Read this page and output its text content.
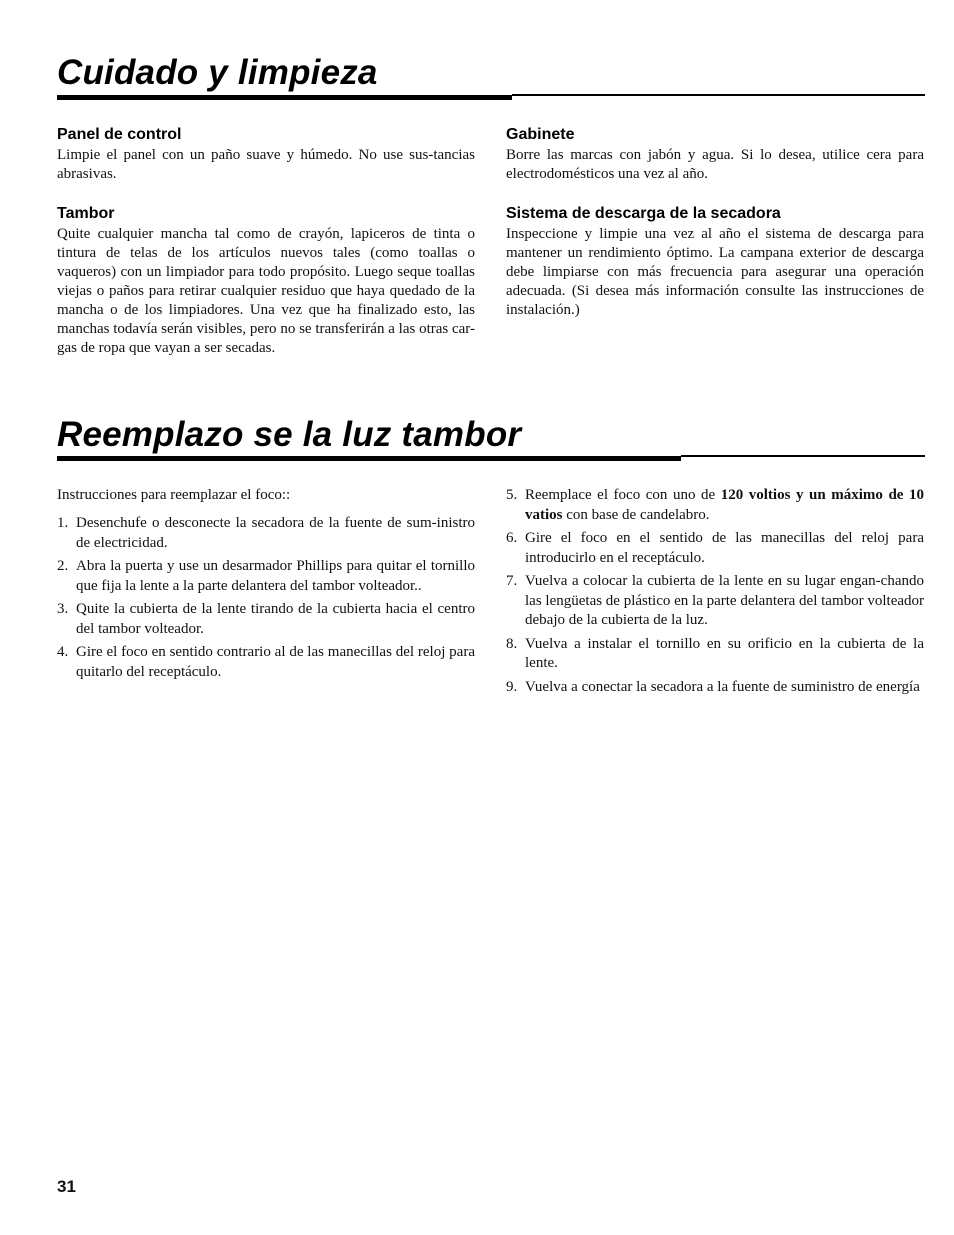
Cuidado y limpieza
Panel de control

Limpie el panel con un paño suave y húmedo. No use sus-tancias abrasivas.

Tambor

Quite cualquier mancha tal como de crayón, lapiceros de tinta o tintura de telas de los artículos nuevos tales (como toallas o vaqueros) con un limpiador para todo propósito. Luego seque toallas viejas o paños para retirar cualquier residuo que haya quedado de la mancha o de los limpiadores. Una vez que ha finalizado esto, las manchas todavía serán visibles, pero no se transferirán a las otras car-gas de ropa que vayan a ser secadas.

Gabinete

Borre las marcas con jabón y agua. Si lo desea, utilice cera para electrodomésticos una vez al año.

Sistema de descarga de la secadora

Inspeccione y limpie una vez al año el sistema de descarga para mantener un rendimiento óptimo. La campana exterior de descarga debe limpiarse con más frecuencia para asegurar una operación adecuada. (Si desea más información consulte las instrucciones de instalación.)

Reemplazo se la luz tambor

Instrucciones para reemplazar el foco::

1. Desenchufe o desconecte la secadora de la fuente de sum-inistro de electricidad.
2. Abra la puerta y use un desarmador Phillips para quitar el tornillo que fija la lente a la parte delantera del tambor volteador..
3. Quite la cubierta de la lente tirando de la cubierta hacia el centro del tambor volteador.
4. Gire el foco en sentido contrario al de las manecillas del reloj para quitarlo del receptáculo.
5. Reemplace el foco con uno de 120 voltios y un máximo de 10 vatios con base de candelabro.
6. Gire el foco en el sentido de las manecillas del reloj para introducirlo en el receptáculo.
7. Vuelva a colocar la cubierta de la lente en su lugar engan-chando las lengüetas de plástico en la parte delantera del tambor volteador debajo de la cubierta de la luz.
8. Vuelva a instalar el tornillo en su orificio en la cubierta de la lente.
9. Vuelva a conectar la secadora a la fuente de suministro de energía
31
